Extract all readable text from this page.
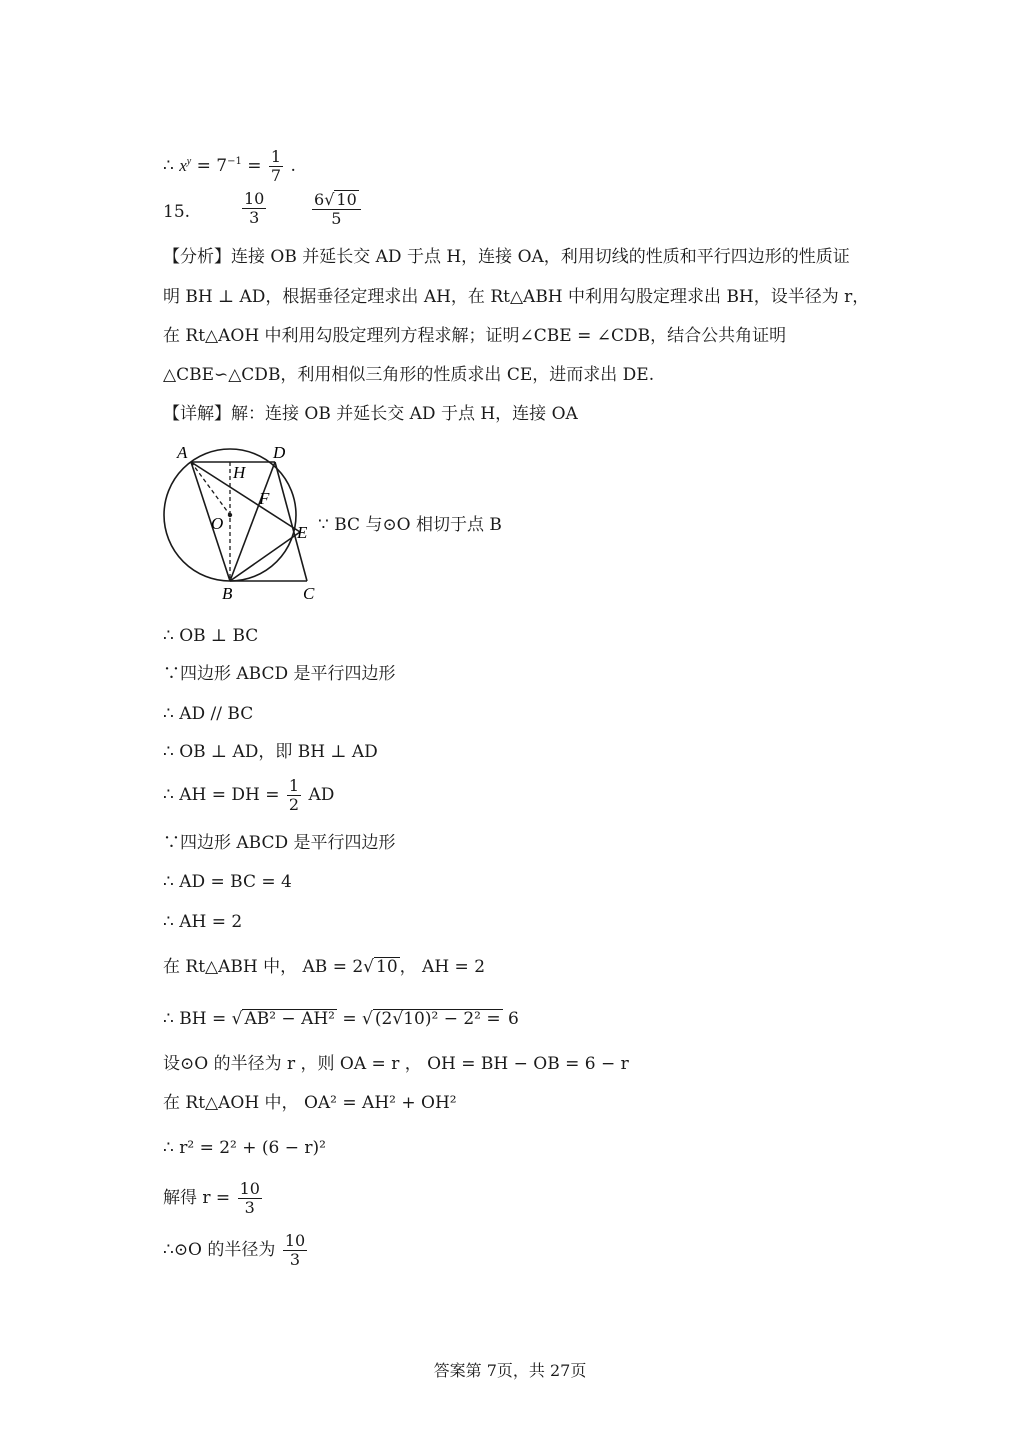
∴ $x^y = 7^{-1} = \frac{1}{7}$ .
15.	$\frac{10}{3}$	$\frac{6√ 10}{5}$
【分析】连接 OB 并延长交 AD 于点 H，连接 OA，利用切线的性质和平行四边形的性质证
明 BH ⊥ AD，根据垂径定理求出 AH，在 Rt△ABH 中利用勾股定理求出 BH，设半径为 r，
在 Rt△AOH 中利用勾股定理列方程求解；证明∠CBE = ∠CDB，结合公共角证明
△CBE∽△CDB，利用相似三角形的性质求出 CE，进而求出 DE.
【详解】解：连接 OB 并延长交 AD 于点 H，连接 OA
A	D
H
F
O	E
B	C
∵ BC 与⊙O 相切于点 B
∴ OB ⊥ BC
∵四边形 ABCD 是平行四边形
∴ AD // BC
∴ OB ⊥ AD，即 BH ⊥ AD
∴ AH = DH = $\frac{1}{2}$ AD
∵四边形 ABCD 是平行四边形
∴ AD = BC = 4
∴ AH = 2
在 Rt△ABH 中， AB = 2√ 10 ， AH = 2
∴ BH = √ AB² − AH² = √ (2√10)² − 2² = 6
设⊙O 的半径为 r ，则 OA = r ， OH = BH − OB = 6 − r
在 Rt△AOH 中， OA² = AH² + OH²
∴ r² = 2² + (6 − r)²
解得 $r = \frac{10}{3}$
∴⊙O 的半径为 $\frac{10}{3}$
答案第 7页，共 27页
